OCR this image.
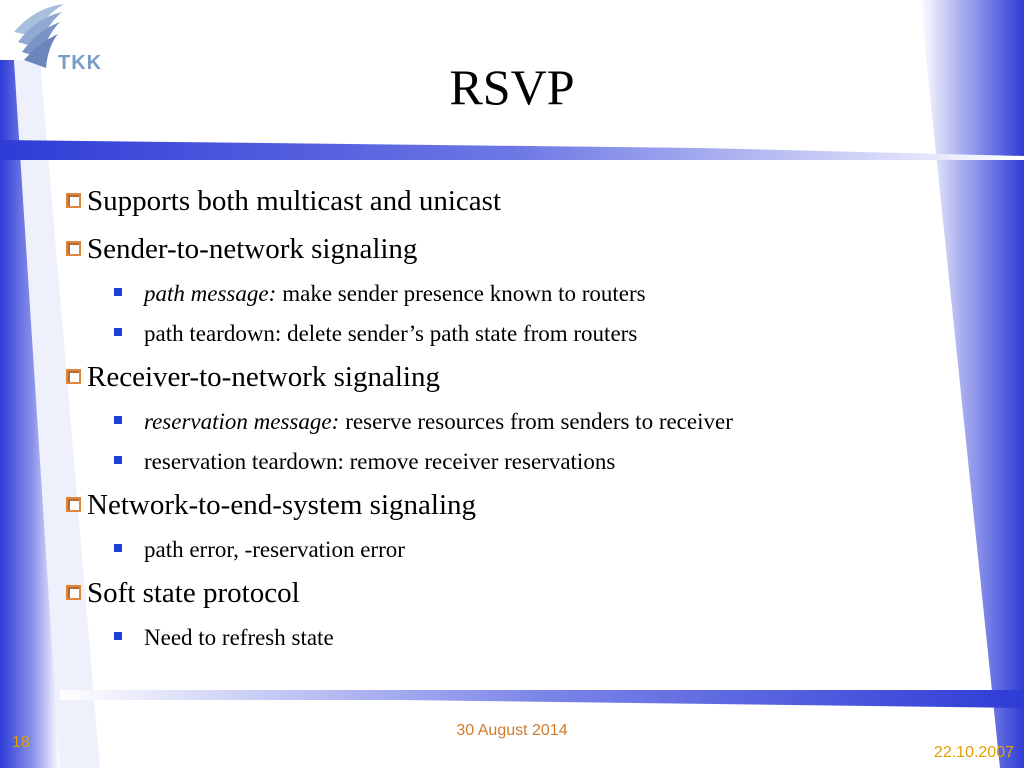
TKK	RSVP
Supports both multicast and unicast
Sender-to-network signaling
path message: make sender presence known to routers
path teardown: delete sender’s path state from routers
Receiver-to-network signaling
reservation message: reserve resources from senders to receiver
reservation teardown: remove receiver reservations
Network-to-end-system signaling
path error, -reservation error
Soft state protocol
Need to refresh state
30 August 2014
18
22.10.2007
